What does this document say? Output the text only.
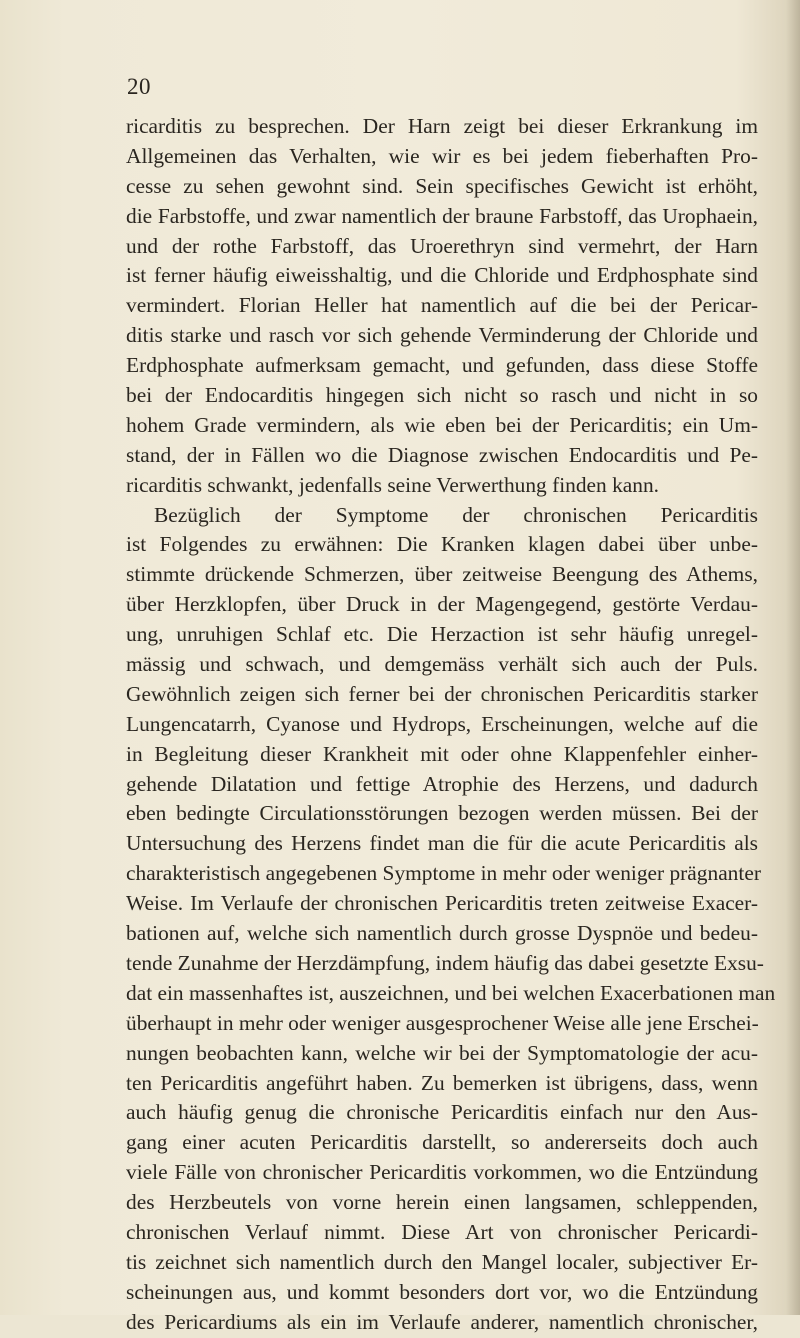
20
ricarditis zu besprechen. Der Harn zeigt bei dieser Erkrankung im
Allgemeinen das Verhalten, wie wir es bei jedem fieberhaften Pro-
cesse zu sehen gewohnt sind. Sein specifisches Gewicht ist erhöht,
die Farbstoffe, und zwar namentlich der braune Farbstoff, das Urophaein,
und der rothe Farbstoff, das Uroerethryn sind vermehrt, der Harn
ist ferner häufig eiweisshaltig, und die Chloride und Erdphosphate sind
vermindert. Florian Heller hat namentlich auf die bei der Pericar-
ditis starke und rasch vor sich gehende Verminderung der Chloride und
Erdphosphate aufmerksam gemacht, und gefunden, dass diese Stoffe
bei der Endocarditis hingegen sich nicht so rasch und nicht in so
hohem Grade vermindern, als wie eben bei der Pericarditis; ein Um-
stand, der in Fällen wo die Diagnose zwischen Endocarditis und Pe-
ricarditis schwankt, jedenfalls seine Verwerthung finden kann.
Bezüglich der Symptome der chronischen Pericarditis
ist Folgendes zu erwähnen: Die Kranken klagen dabei über unbe-
stimmte drückende Schmerzen, über zeitweise Beengung des Athems,
über Herzklopfen, über Druck in der Magengegend, gestörte Verdau-
ung, unruhigen Schlaf etc. Die Herzaction ist sehr häufig unregel-
mässig und schwach, und demgemäss verhält sich auch der Puls.
Gewöhnlich zeigen sich ferner bei der chronischen Pericarditis starker
Lungencatarrh, Cyanose und Hydrops, Erscheinungen, welche auf die
in Begleitung dieser Krankheit mit oder ohne Klappenfehler einher-
gehende Dilatation und fettige Atrophie des Herzens, und dadurch
eben bedingte Circulationsstörungen bezogen werden müssen. Bei der
Untersuchung des Herzens findet man die für die acute Pericarditis als
charakteristisch angegebenen Symptome in mehr oder weniger prägnanter
Weise. Im Verlaufe der chronischen Pericarditis treten zeitweise Exacer-
bationen auf, welche sich namentlich durch grosse Dyspnöe und bedeu-
tende Zunahme der Herzdämpfung, indem häufig das dabei gesetzte Exsu-
dat ein massenhaftes ist, auszeichnen, und bei welchen Exacerbationen man
überhaupt in mehr oder weniger ausgesprochener Weise alle jene Erschei-
nungen beobachten kann, welche wir bei der Symptomatologie der acu-
ten Pericarditis angeführt haben. Zu bemerken ist übrigens, dass, wenn
auch häufig genug die chronische Pericarditis einfach nur den Aus-
gang einer acuten Pericarditis darstellt, so andererseits doch auch
viele Fälle von chronischer Pericarditis vorkommen, wo die Entzündung
des Herzbeutels von vorne herein einen langsamen, schleppenden,
chronischen Verlauf nimmt. Diese Art von chronischer Pericardi-
tis zeichnet sich namentlich durch den Mangel localer, subjectiver Er-
scheinungen aus, und kommt besonders dort vor, wo die Entzündung
des Pericardiums als ein im Verlaufe anderer, namentlich chronischer,
